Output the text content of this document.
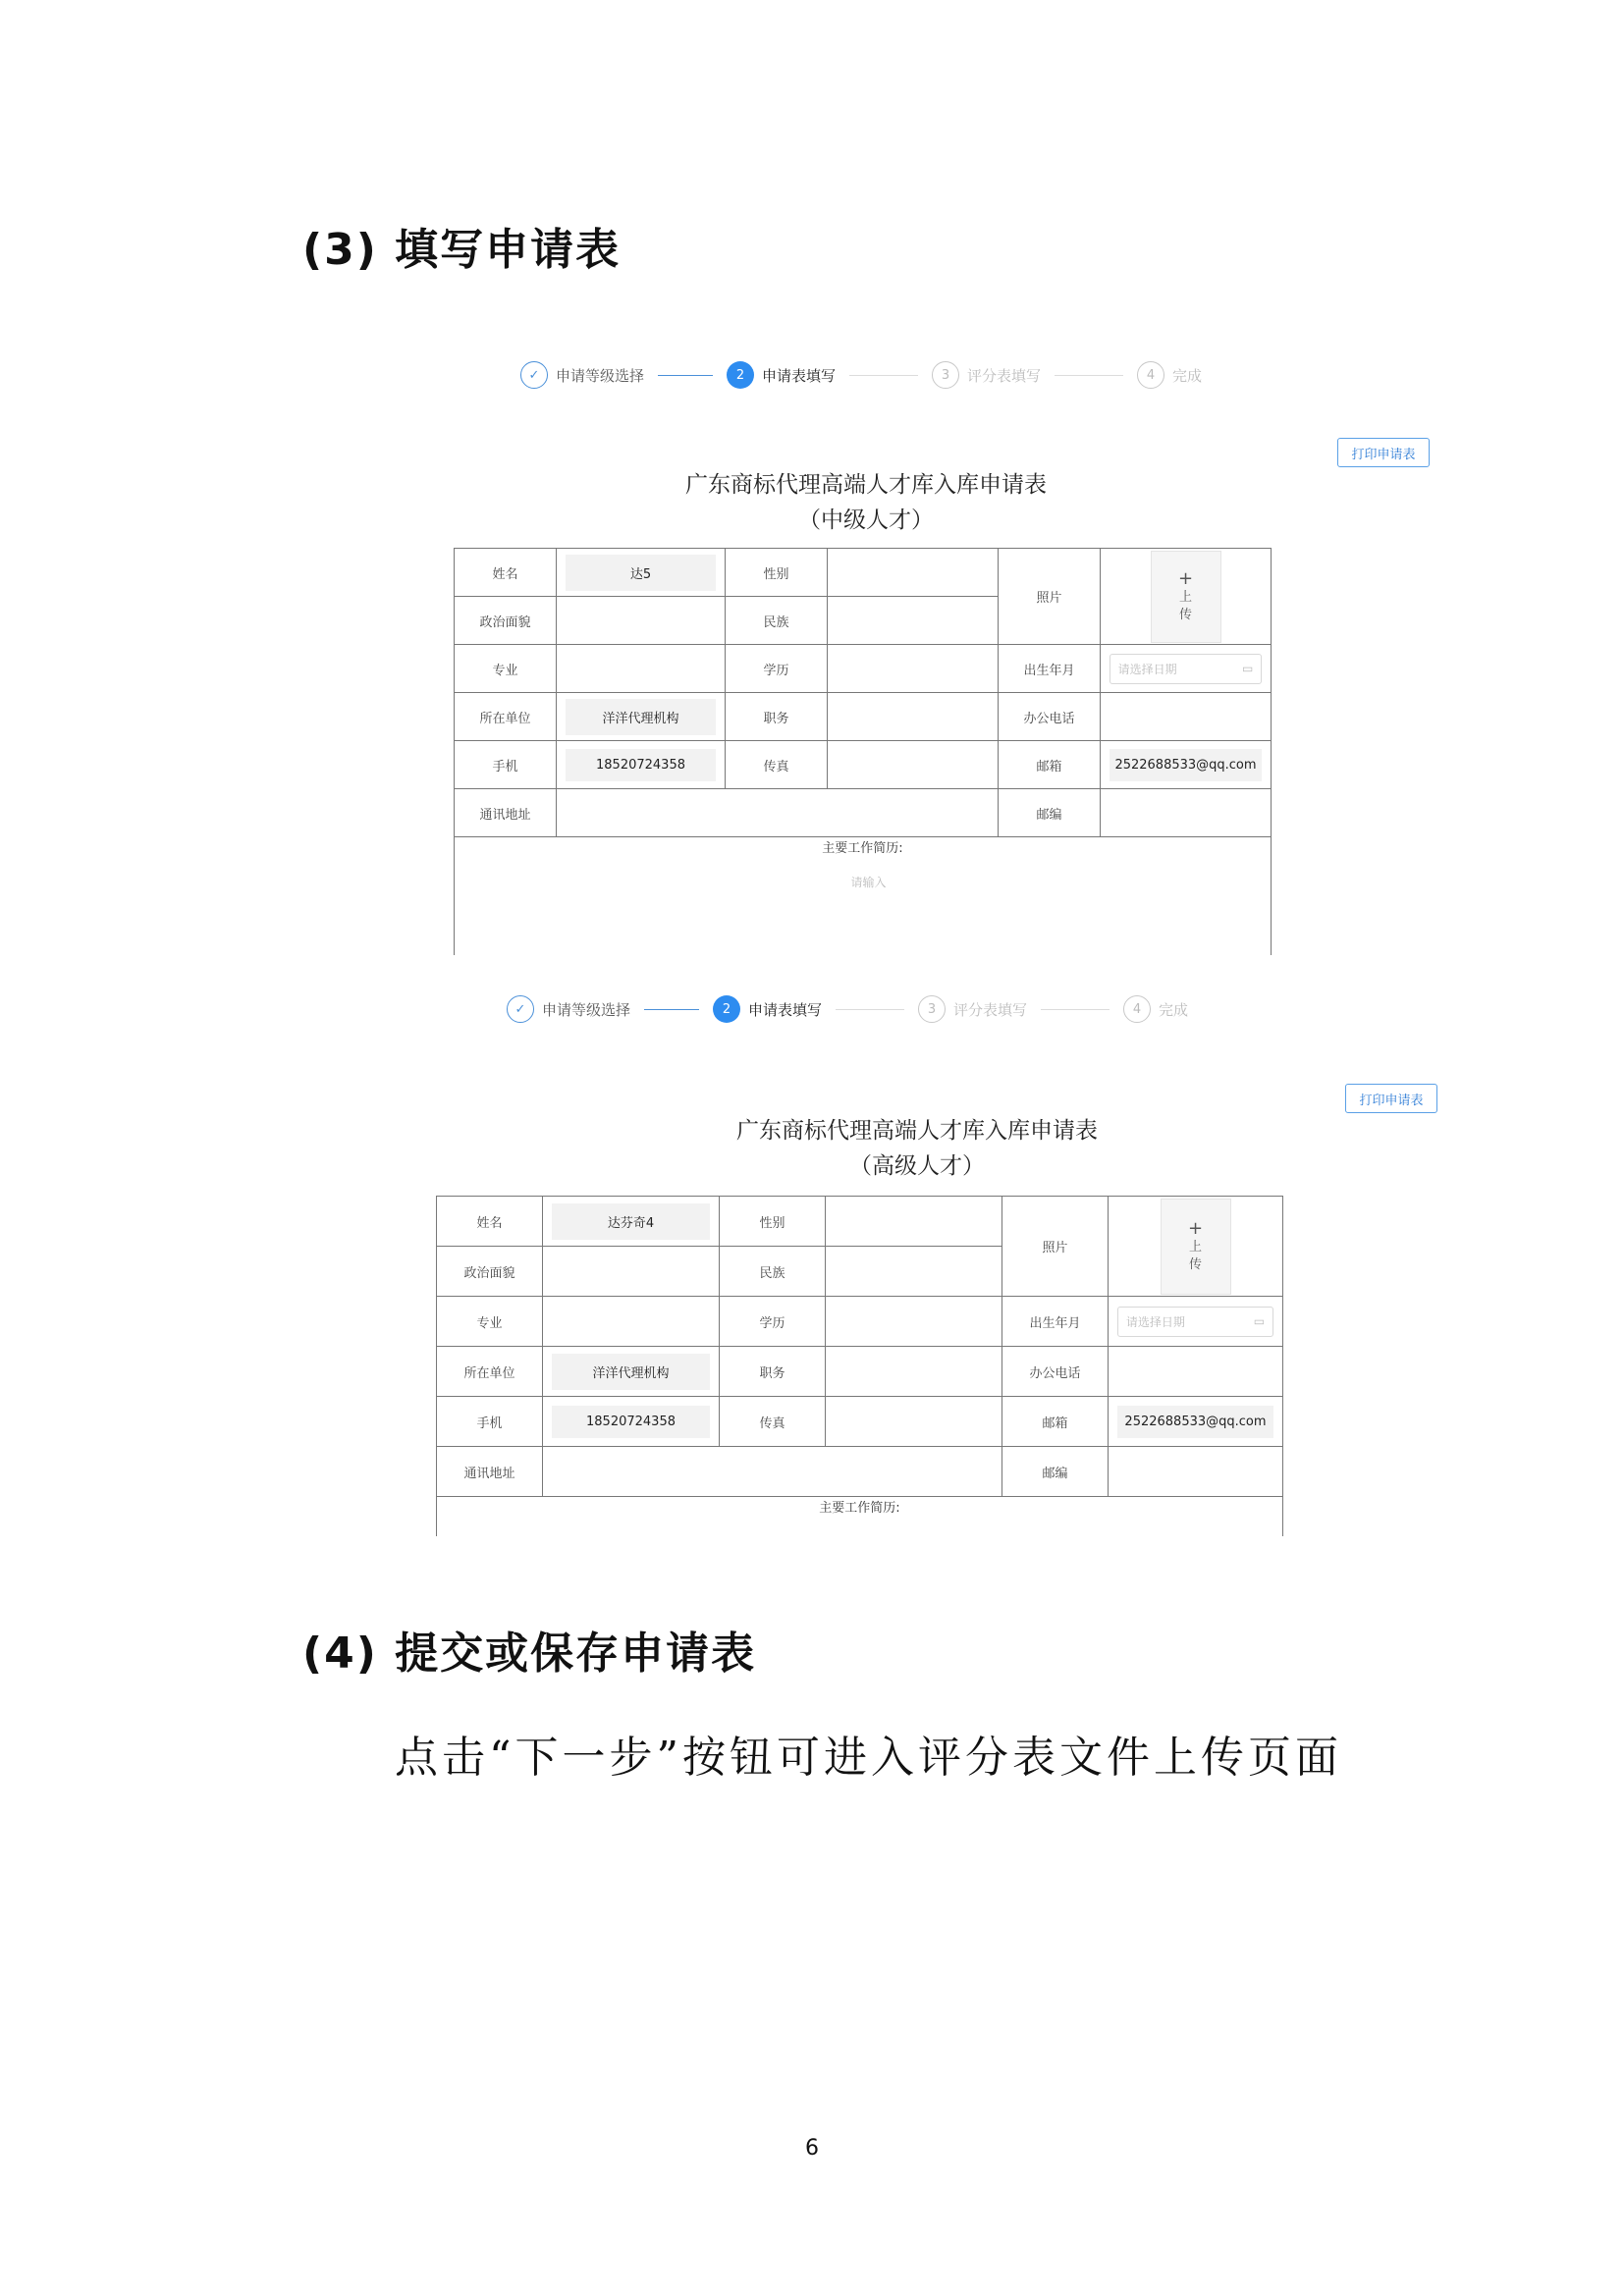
(3) 填写申请表
✓	申请等级选择	2	申请表填写	3	评分表填写	4	完成
打印申请表
广东商标代理高端人才库入库申请表
（中级人才）
姓名	达5	性别		照片	+
上
传

政治面貌		民族			
专业		学历		出生年月	请选择日期 ▭

所在单位	洋洋代理机构	职务		办公电话	
手机	18520724358	传真		邮箱	2522688533@qq.com
通讯地址				邮编	

主要工作简历:
请输入					
✓	申请等级选择	2	申请表填写	3	评分表填写	4	完成
打印申请表
广东商标代理高端人才库入库申请表
（高级人才）
姓名	达芬奇4	性别		照片	+
上
传

政治面貌		民族			
专业		学历		出生年月	请选择日期 ▭

所在单位	洋洋代理机构	职务		办公电话	
手机	18520724358	传真		邮箱	2522688533@qq.com
通讯地址				邮编	

主要工作简历:					
(4) 提交或保存申请表
点击“下一步”按钮可进入评分表文件上传页面
6
